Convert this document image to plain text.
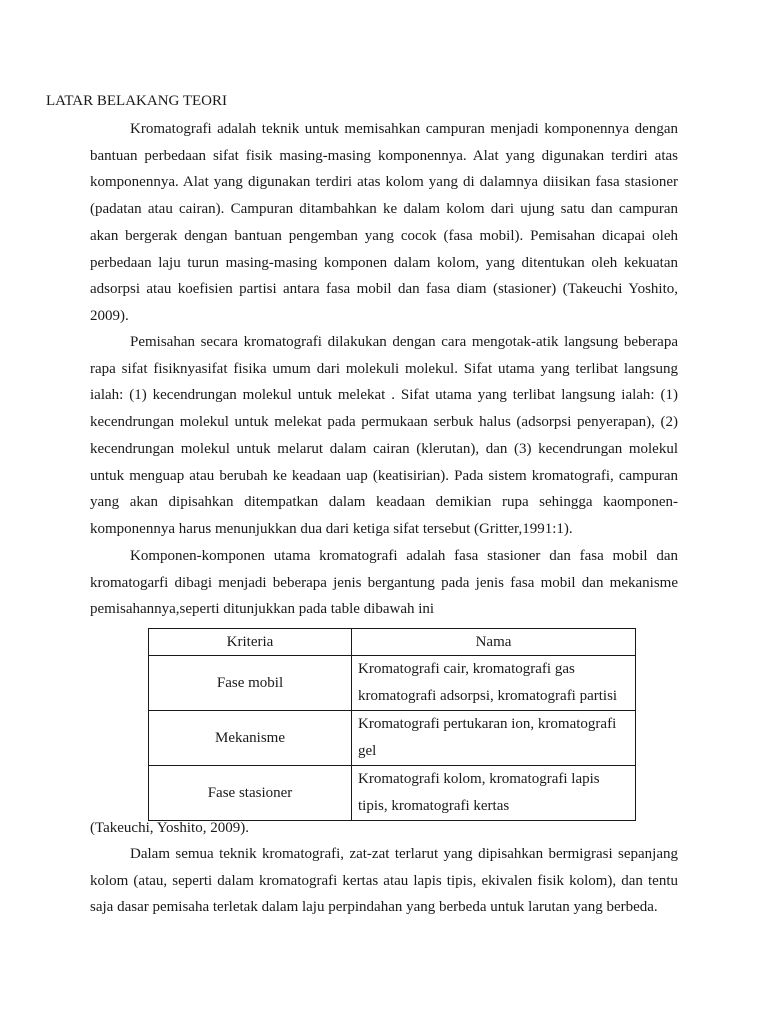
LATAR BELAKANG TEORI

Kromatografi adalah teknik untuk memisahkan campuran menjadi komponennya dengan bantuan perbedaan sifat fisik masing-masing komponennya. Alat yang digunakan terdiri atas komponennya. Alat yang digunakan terdiri atas kolom yang di dalamnya diisikan fasa stasioner (padatan atau cairan). Campuran ditambahkan ke dalam kolom dari ujung satu dan campuran akan bergerak dengan bantuan pengemban yang cocok (fasa mobil). Pemisahan dicapai oleh perbedaan laju turun masing-masing komponen dalam kolom, yang ditentukan oleh kekuatan adsorpsi atau koefisien partisi antara fasa mobil dan fasa diam (stasioner) (Takeuchi Yoshito, 2009).

Pemisahan secara kromatografi dilakukan dengan cara mengotak-atik langsung beberapa rapa sifat fisiknyasifat fisika umum dari molekuli molekul. Sifat utama yang terlibat langsung ialah: (1) kecendrungan molekul untuk melekat . Sifat utama yang terlibat langsung ialah: (1) kecendrungan molekul untuk melekat pada permukaan serbuk halus (adsorpsi penyerapan), (2) kecendrungan molekul untuk melarut dalam cairan (klerutan), dan (3) kecendrungan molekul untuk menguap atau berubah ke keadaan uap (keatisirian). Pada sistem kromatografi, campuran yang akan dipisahkan ditempatkan dalam keadaan demikian rupa sehingga kaomponen-komponennya harus menunjukkan dua dari ketiga sifat tersebut (Gritter,1991:1).

Komponen-komponen utama kromatografi adalah fasa stasioner dan fasa mobil dan kromatogarfi dibagi menjadi beberapa jenis bergantung pada jenis fasa mobil dan mekanisme pemisahannya,seperti ditunjukkan pada table dibawah ini

Kriteria	Nama
Fase mobil	Kromatografi cair, kromatografi gas kromatografi adsorpsi, kromatografi partisi
Mekanisme	Kromatografi pertukaran ion, kromatografi gel
Fase stasioner	Kromatografi kolom, kromatografi lapis tipis, kromatografi kertas

(Takeuchi, Yoshito, 2009).

Dalam semua teknik kromatografi, zat-zat terlarut yang dipisahkan bermigrasi sepanjang kolom (atau, seperti dalam kromatografi kertas atau lapis tipis, ekivalen fisik kolom), dan tentu saja dasar pemisaha terletak dalam laju perpindahan yang berbeda untuk larutan yang berbeda.
